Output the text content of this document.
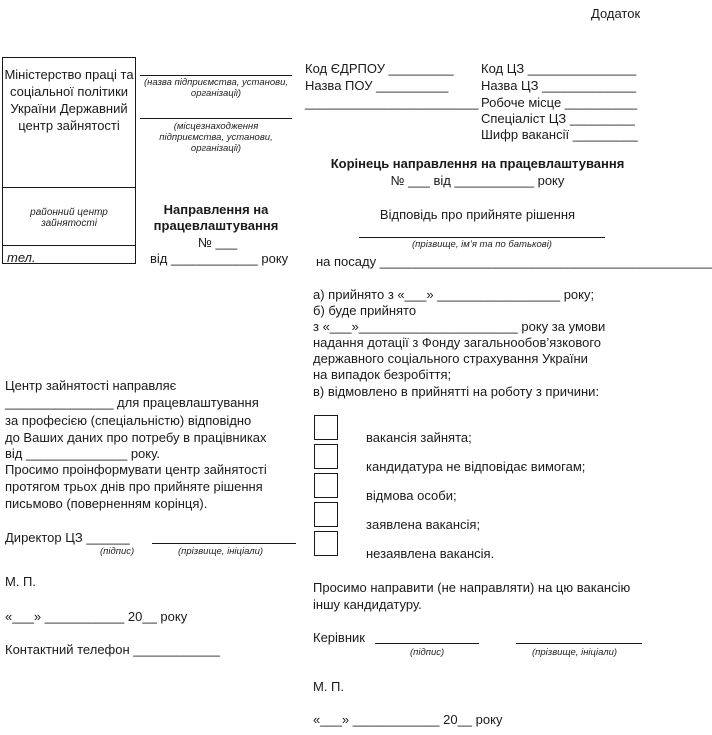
Додаток
Міністерство праці та соціальної політики України Державний центр зайнятості
районний центр зайнятості
тел.
(назва підприємства, установи, організації)
(місцезнаходження підприємства, установи, організації)
Направлення на працевлаштування
№ ___
від ____________ року
Код ЄДРПОУ _________
Назва ПОУ __________
________________________
Код ЦЗ _______________
Назва ЦЗ _____________
Робоче місце __________
Спеціаліст ЦЗ _________
Шифр вакансії _________
Корінець направлення на працевлаштування
№ ___ від ___________ року
Відповідь про прийняте рішення
(прізвище, ім’я та по батькові)
на посаду ______________________________________________
а) прийнято з «___» _________________ року;
б) буде прийнято
з «___»______________________ року за умови
надання дотації з Фонду загальнообов’язкового
державного соціального страхування України
на випадок безробіття;
в) відмовлено в прийнятті на роботу з причини:
вакансія зайнята;
кандидатура не відповідає вимогам;
відмова особи;
заявлена вакансія;
незаявлена вакансія.
Просимо направити (не направляти) на цю вакансію
іншу кандидатуру.
Керівник
(підпис)	(прізвище, ініціали)
М. П.
«___» ____________ 20__ року
Центр зайнятості направляє
_______________ для працевлаштування
за професією (спеціальністю) відповідно
до Ваших даних про потребу в працівниках
від ______________ року.
Просимо проінформувати центр зайнятості
протягом трьох днів про прийняте рішення
письмово (поверненням корінця).
Директор ЦЗ ______
(підпис)	(прізвище, ініціали)
М. П.
«___» ___________ 20__ року
Контактний телефон ____________
